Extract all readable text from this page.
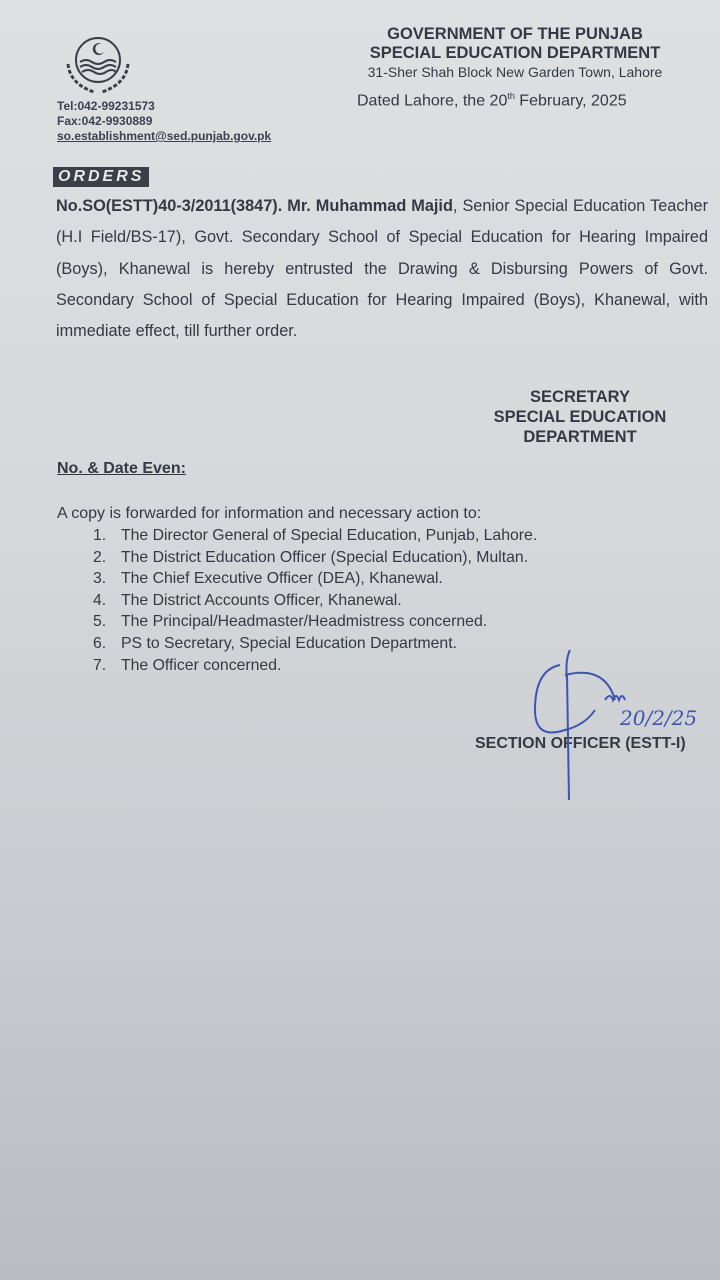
GOVERNMENT OF THE PUNJAB
SPECIAL EDUCATION DEPARTMENT
31-Sher Shah Block New Garden Town, Lahore
Dated Lahore, the 20th February, 2025
Tel:042-99231573
Fax:042-9930889
so.establishment@sed.punjab.gov.pk
ORDERS
No.SO(ESTT)40-3/2011(3847). Mr. Muhammad Majid, Senior Special Education Teacher (H.I Field/BS-17), Govt. Secondary School of Special Education for Hearing Impaired (Boys), Khanewal is hereby entrusted the Drawing & Disbursing Powers of Govt. Secondary School of Special Education for Hearing Impaired (Boys), Khanewal, with immediate effect, till further order.
SECRETARY
SPECIAL EDUCATION
DEPARTMENT
No. & Date Even:
A copy is forwarded for information and necessary action to:
1. The Director General of Special Education, Punjab, Lahore.
2. The District Education Officer (Special Education), Multan.
3. The Chief Executive Officer (DEA), Khanewal.
4. The District Accounts Officer, Khanewal.
5. The Principal/Headmaster/Headmistress concerned.
6. PS to Secretary, Special Education Department.
7. The Officer concerned.
SECTION OFFICER (ESTT-I)
20/2/25
